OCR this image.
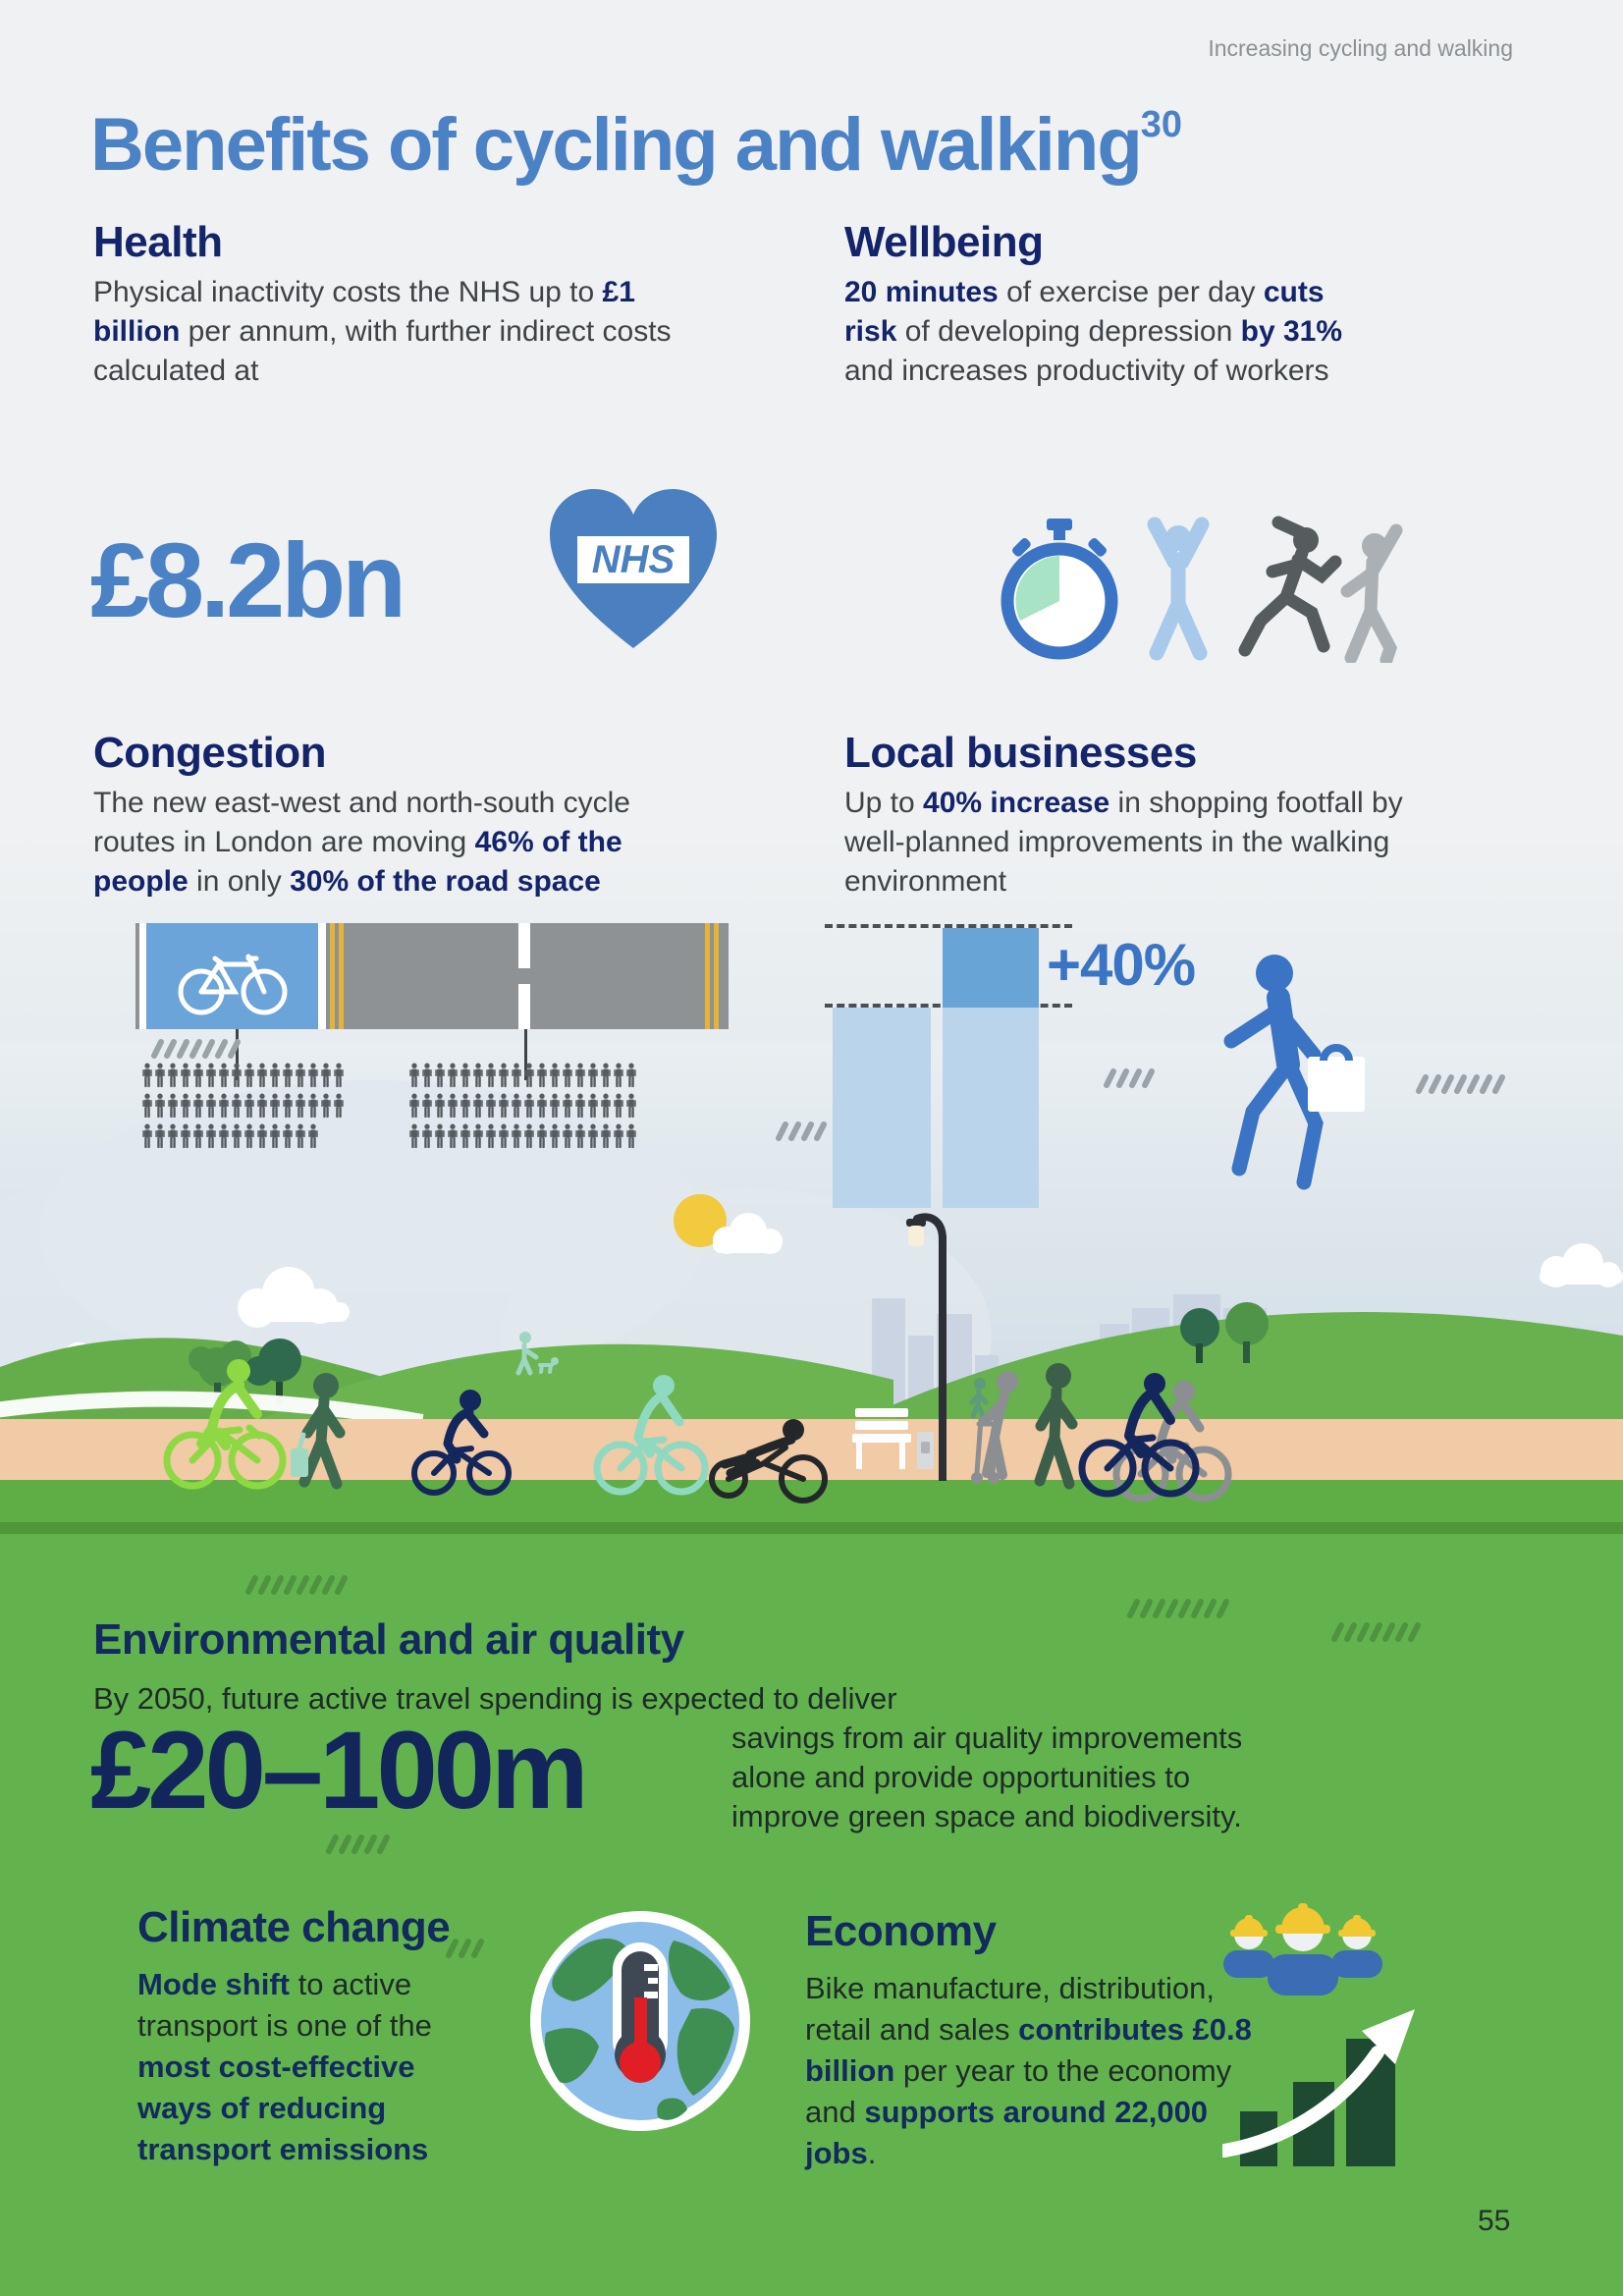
Increasing cycling and walking
Benefits of cycling and walking$^{30}$
Health
Physical inactivity costs the NHS up to £1 billion per annum, with further indirect costs calculated at
£8.2bn	NHS
Wellbeing
20 minutes of exercise per day cuts risk of developing depression by 31% and increases productivity of workers
Congestion
The new east-west and north-south cycle routes in London are moving 46% of the people in only 30% of the road space
Local businesses
Up to 40% increase in shopping footfall by well-planned improvements in the walking environment
+40%
Environmental and air quality
By 2050, future active travel spending is expected to deliver
£20–100m	savings from air quality improvements alone and provide opportunities to improve green space and biodiversity.
Climate change
Mode shift to active transport is one of the most cost-effective ways of reducing transport emissions
Economy
Bike manufacture, distribution, retail and sales contributes £0.8 billion per year to the economy and supports around 22,000 jobs.
55
